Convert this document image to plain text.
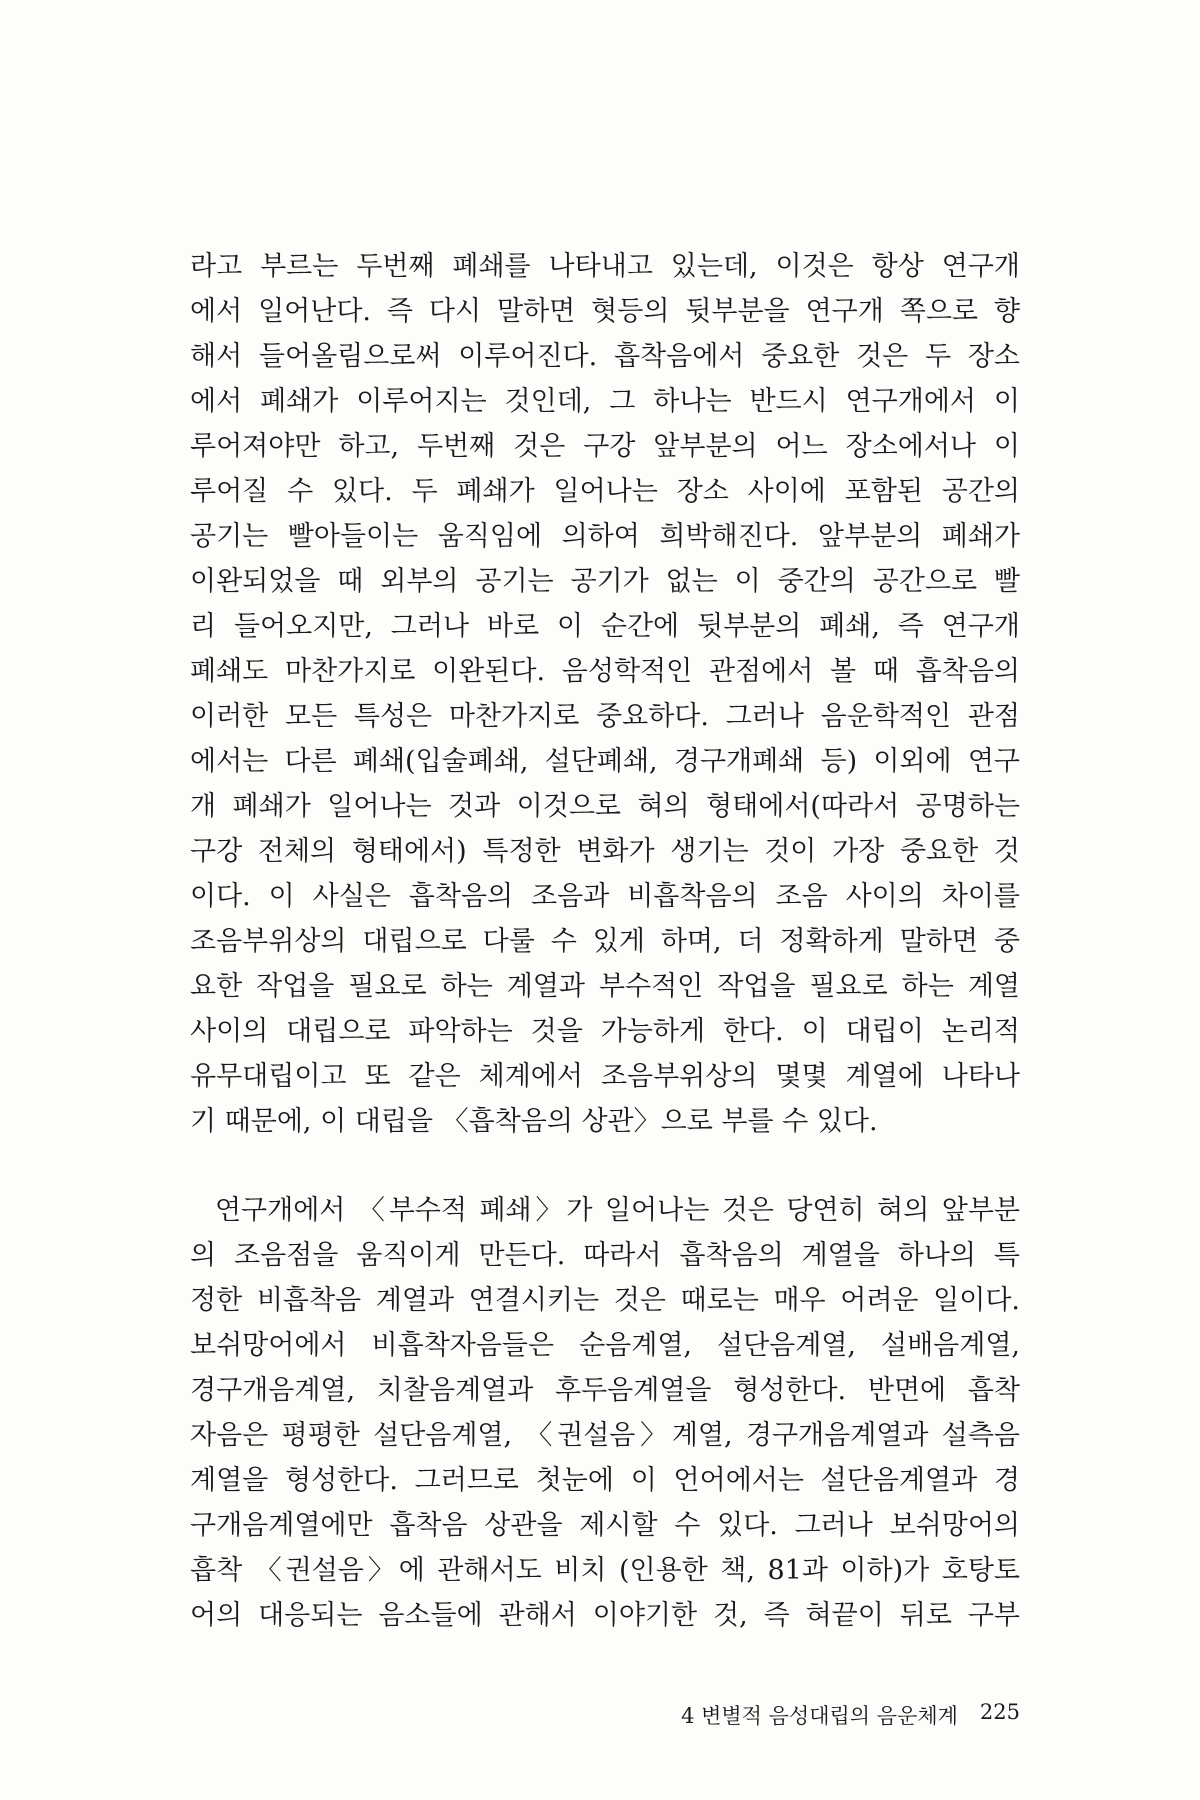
라고 부르는 두번째 폐쇄를 나타내고 있는데, 이것은 항상 연구개
에서 일어난다. 즉 다시 말하면 혓등의 뒷부분을 연구개 쪽으로 향
해서 들어올림으로써 이루어진다. 흡착음에서 중요한 것은 두 장소
에서 폐쇄가 이루어지는 것인데, 그 하나는 반드시 연구개에서 이
루어져야만 하고, 두번째 것은 구강 앞부분의 어느 장소에서나 이
루어질 수 있다. 두 폐쇄가 일어나는 장소 사이에 포함된 공간의
공기는 빨아들이는 움직임에 의하여 희박해진다. 앞부분의 폐쇄가
이완되었을 때 외부의 공기는 공기가 없는 이 중간의 공간으로 빨
리 들어오지만, 그러나 바로 이 순간에 뒷부분의 폐쇄, 즉 연구개
폐쇄도 마찬가지로 이완된다. 음성학적인 관점에서 볼 때 흡착음의
이러한 모든 특성은 마찬가지로 중요하다. 그러나 음운학적인 관점
에서는 다른 폐쇄(입술폐쇄, 설단폐쇄, 경구개폐쇄 등) 이외에 연구
개 폐쇄가 일어나는 것과 이것으로 혀의 형태에서(따라서 공명하는
구강 전체의 형태에서) 특정한 변화가 생기는 것이 가장 중요한 것
이다. 이 사실은 흡착음의 조음과 비흡착음의 조음 사이의 차이를
조음부위상의 대립으로 다룰 수 있게 하며, 더 정확하게 말하면 중
요한 작업을 필요로 하는 계열과 부수적인 작업을 필요로 하는 계열
사이의 대립으로 파악하는 것을 가능하게 한다. 이 대립이 논리적
유무대립이고 또 같은 체계에서 조음부위상의 몇몇 계열에 나타나
기 때문에, 이 대립을 〈흡착음의 상관〉으로 부를 수 있다.

연구개에서 〈부수적 폐쇄〉가 일어나는 것은 당연히 혀의 앞부분
의 조음점을 움직이게 만든다. 따라서 흡착음의 계열을 하나의 특
정한 비흡착음 계열과 연결시키는 것은 때로는 매우 어려운 일이다.
보쉬망어에서 비흡착자음들은 순음계열, 설단음계열, 설배음계열,
경구개음계열, 치찰음계열과 후두음계열을 형성한다. 반면에 흡착
자음은 평평한 설단음계열, 〈권설음〉계열, 경구개음계열과 설측음
계열을 형성한다. 그러므로 첫눈에 이 언어에서는 설단음계열과 경
구개음계열에만 흡착음 상관을 제시할 수 있다. 그러나 보쉬망어의
흡착 〈권설음〉에 관해서도 비치 (인용한 책, 81과 이하)가 호탕토
어의 대응되는 음소들에 관해서 이야기한 것, 즉 혀끝이 뒤로 구부

4 변별적 음성대립의 음운체계 225
